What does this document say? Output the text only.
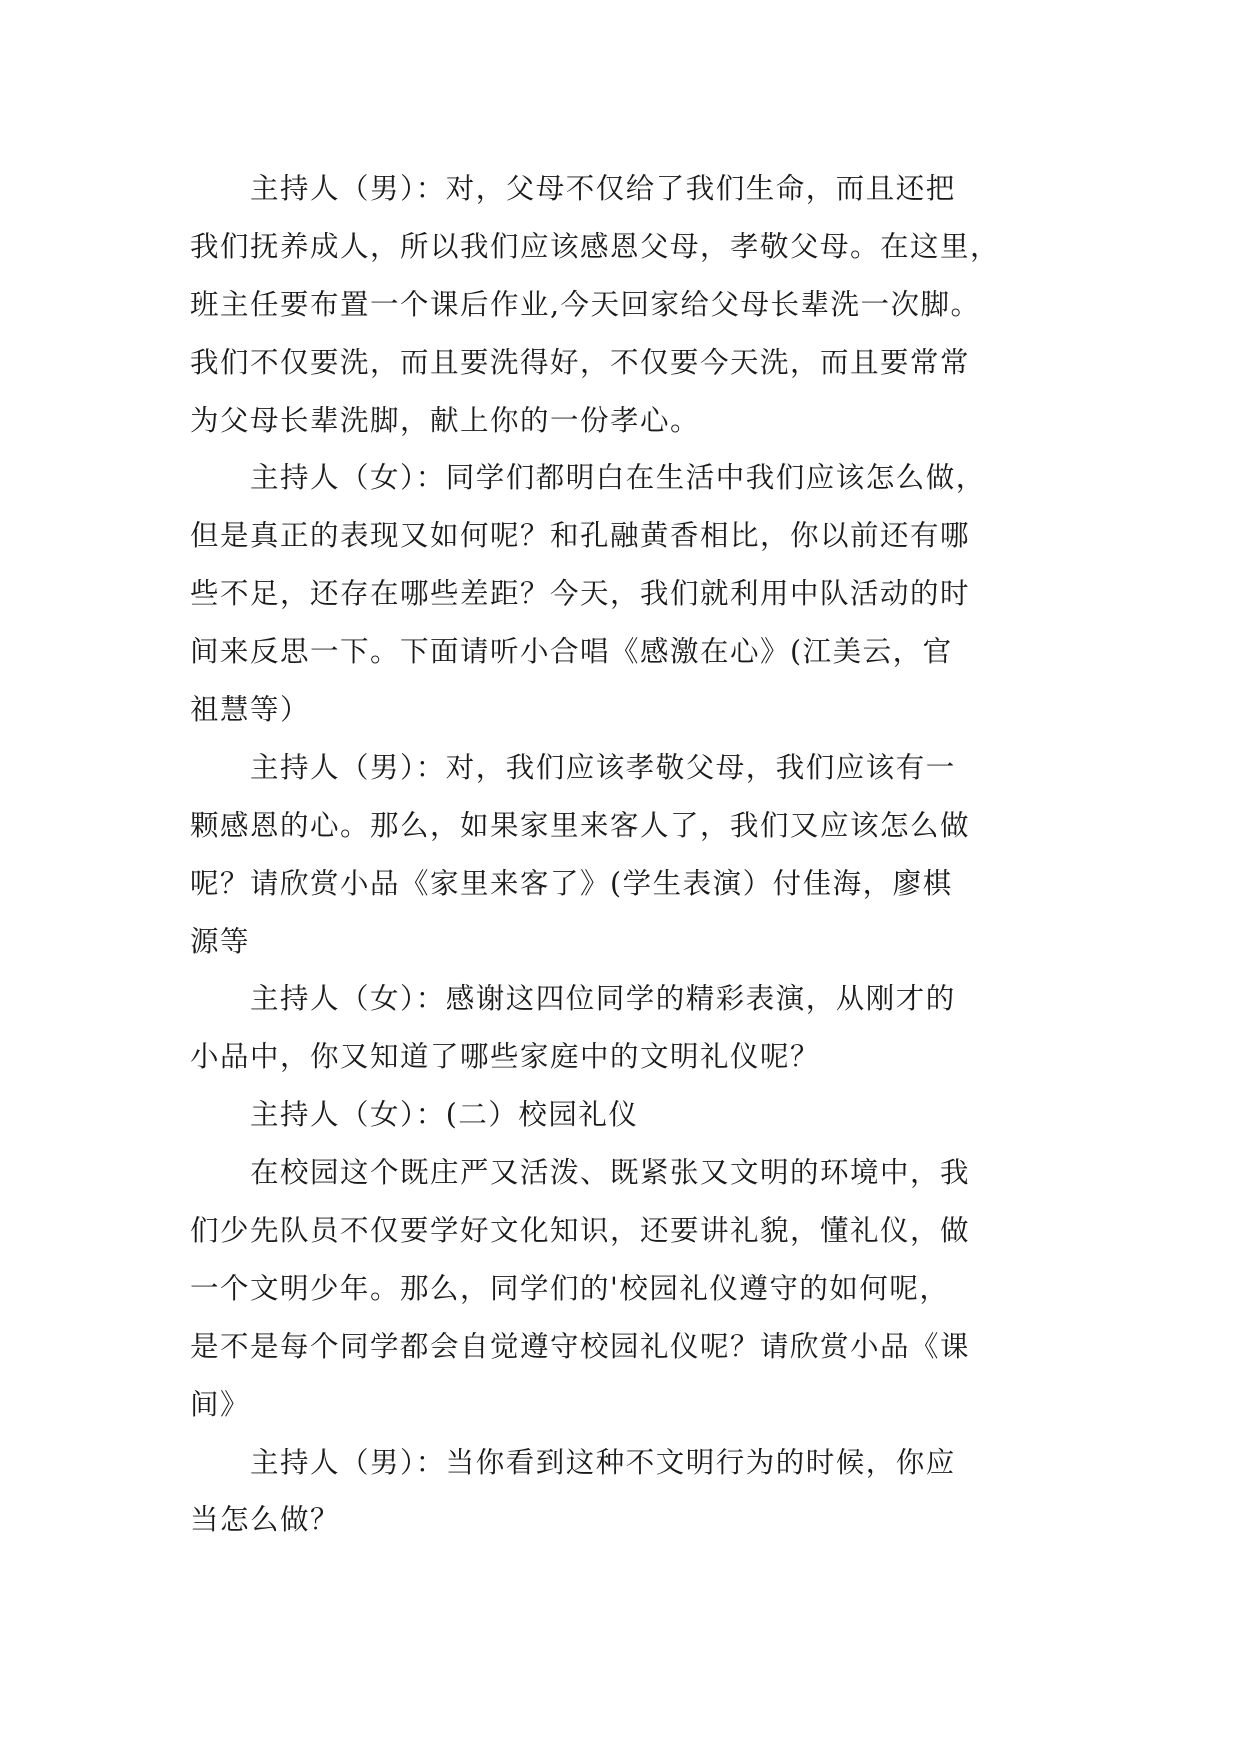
　　主持人（男）：对，父母不仅给了我们生命，而且还把
我们抚养成人，所以我们应该感恩父母，孝敬父母。在这里，
班主任要布置一个课后作业,今天回家给父母长辈洗一次脚。
我们不仅要洗，而且要洗得好，不仅要今天洗，而且要常常
为父母长辈洗脚，献上你的一份孝心。
　　主持人（女）：同学们都明白在生活中我们应该怎么做，
但是真正的表现又如何呢？和孔融黄香相比，你以前还有哪
些不足，还存在哪些差距？今天，我们就利用中队活动的时
间来反思一下。下面请听小合唱《感激在心》(江美云，官
祖慧等）
　　主持人（男）：对，我们应该孝敬父母，我们应该有一
颗感恩的心。那么，如果家里来客人了，我们又应该怎么做
呢？请欣赏小品《家里来客了》(学生表演）付佳海，廖棋
源等
　　主持人（女）：感谢这四位同学的精彩表演，从刚才的
小品中，你又知道了哪些家庭中的文明礼仪呢？
　　主持人（女）：(二）校园礼仪
　　在校园这个既庄严又活泼、既紧张又文明的环境中，我
们少先队员不仅要学好文化知识，还要讲礼貌，懂礼仪，做
一个文明少年。那么，同学们的'校园礼仪遵守的如何呢，
是不是每个同学都会自觉遵守校园礼仪呢？请欣赏小品《课
间》
　　主持人（男）：当你看到这种不文明行为的时候，你应
当怎么做？
